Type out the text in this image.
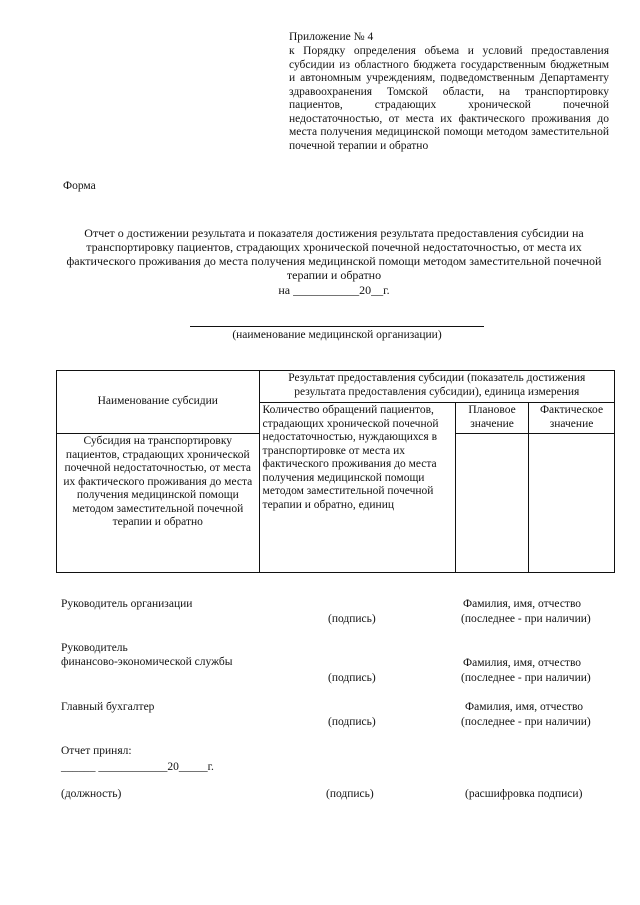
Приложение № 4
к Порядку определения объема и условий предоставления субсидии из областного бюджета государственным бюджетным и автономным учреждениям, подведомственным Департаменту здравоохранения Томской области, на транспортировку пациентов, страдающих хронической почечной недостаточностью, от места их фактического проживания до места получения медицинской помощи методом заместительной почечной терапии и обратно
Форма
Отчет о достижении результата и показателя достижения результата предоставления субсидии на транспортировку пациентов, страдающих хронической почечной недостаточностью, от места их фактического проживания до места получения медицинской помощи методом заместительной почечной терапии и обратно
на ___________20__г.
(наименование медицинской организации)
Наименование субсидии	Результат предоставления субсидии (показатель достижения результата предоставления субсидии), единица измерения		
	Количество обращений пациентов, страдающих хронической почечной недостаточностью, нуждающихся в транспортировке от места их фактического проживания до места получения медицинской помощи методом заместительной почечной терапии и обратно, единиц	Плановое значение	Фактическое значение
Субсидия на транспортировку пациентов, страдающих хронической почечной недостаточностью, от места их фактического проживания до места получения медицинской помощи методом заместительной почечной терапии и обратно			
Руководитель организации
(подпись)
Фамилия, имя, отчество
(последнее - при наличии)
Руководитель
финансово-экономической службы
(подпись)
Фамилия, имя, отчество
(последнее - при наличии)
Главный бухгалтер
(подпись)
Фамилия, имя, отчество
(последнее - при наличии)
Отчет принял:
______ ____________20_____г.
(должность)	(подпись)	(расшифровка подписи)
